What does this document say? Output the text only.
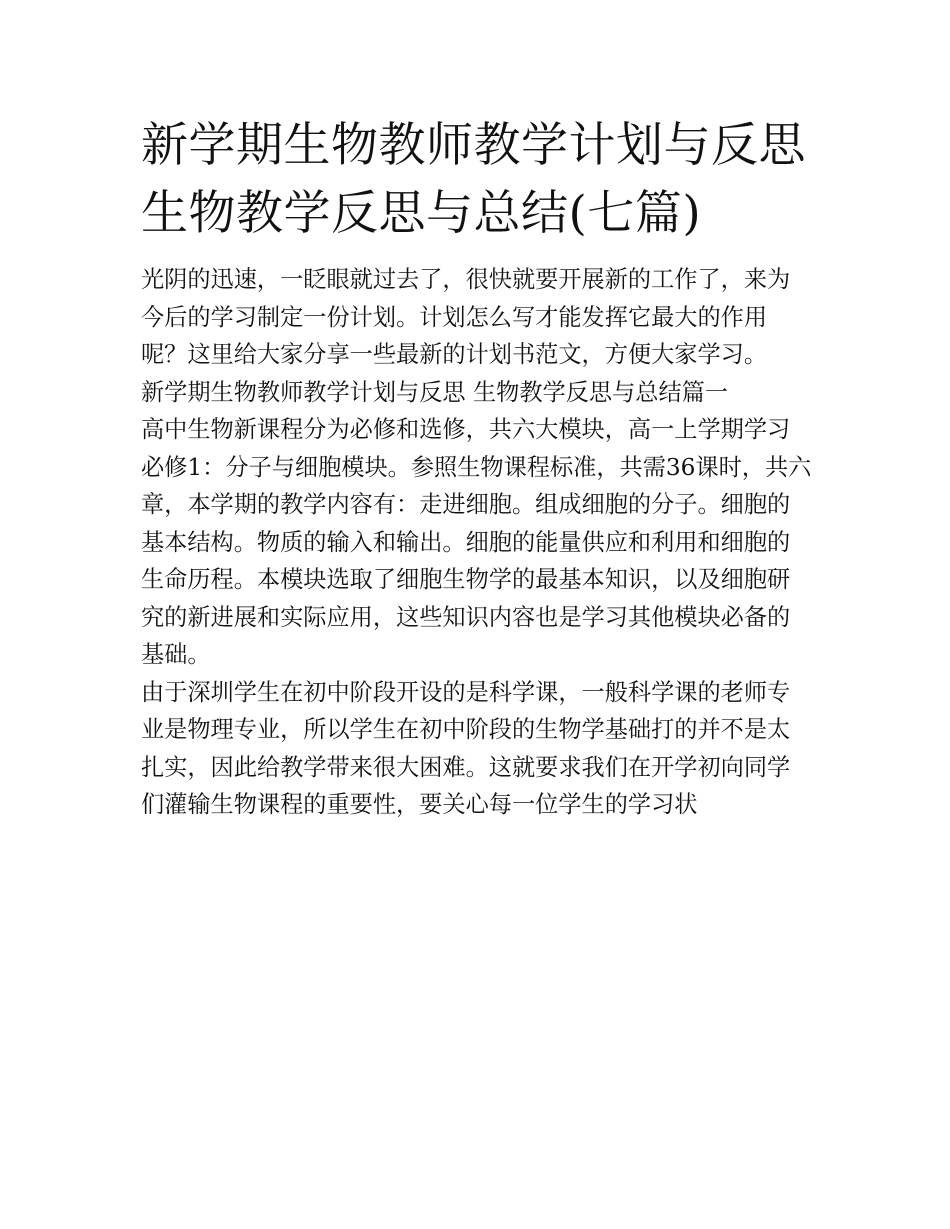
新学期生物教师教学计划与反思 生物教学反思与总结(七篇)

光阴的迅速，一眨眼就过去了，很快就要开展新的工作了，来为今后的学习制定一份计划。计划怎么写才能发挥它最大的作用呢？这里给大家分享一些最新的计划书范文，方便大家学习。

新学期生物教师教学计划与反思 生物教学反思与总结篇一

高中生物新课程分为必修和选修，共六大模块，高一上学期学习必修1：分子与细胞模块。参照生物课程标准，共需36课时，共六章，本学期的教学内容有：走进细胞。组成细胞的分子。细胞的基本结构。物质的输入和输出。细胞的能量供应和利用和细胞的生命历程。本模块选取了细胞生物学的最基本知识，以及细胞研究的新进展和实际应用，这些知识内容也是学习其他模块必备的基础。

由于深圳学生在初中阶段开设的是科学课，一般科学课的老师专业是物理专业，所以学生在初中阶段的生物学基础打的并不是太扎实，因此给教学带来很大困难。这就要求我们在开学初向同学们灌输生物课程的重要性，要关心每一位学生的学习状
